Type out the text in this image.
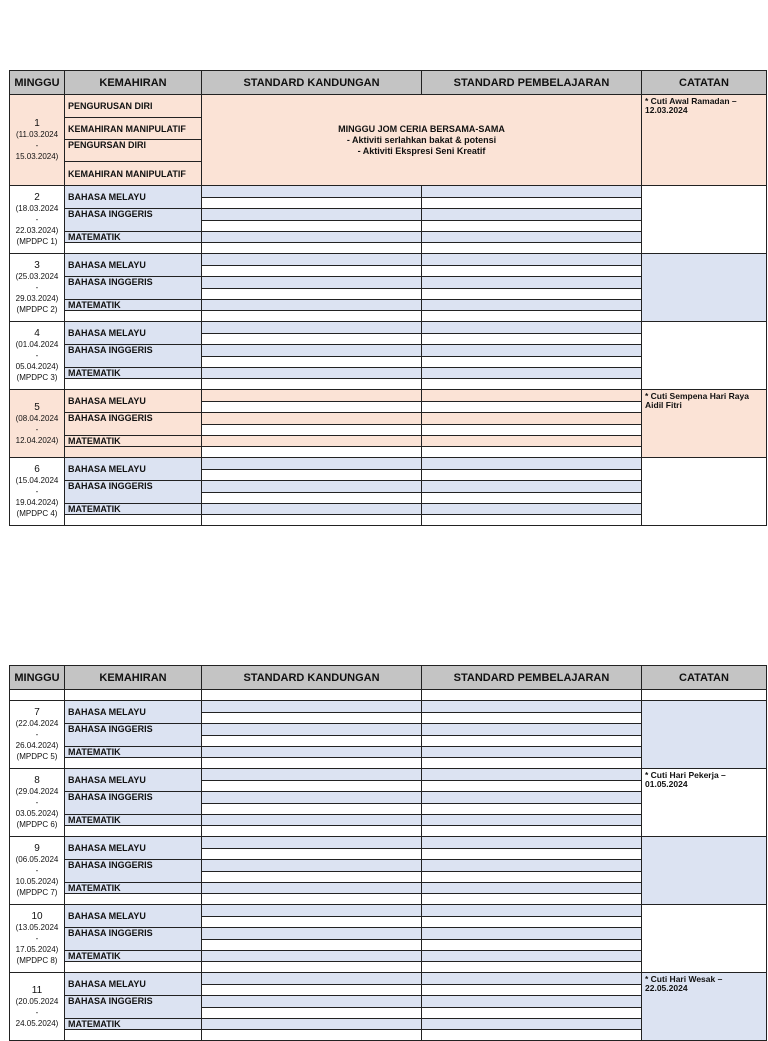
MINGGU	KEMAHIRAN	STANDARD KANDUNGAN	STANDARD PEMBELAJARAN	CATATAN

1
(11.03.2024
-
15.03.2024)	PENGURUSAN DIRI	MINGGU JOM CERIA BERSAMA-SAMA
- Aktiviti serlahkan bakat & potensi
- Aktiviti Ekspresi Seni Kreatif		* Cuti Awal Ramadan – 12.03.2024
	KEMAHIRAN MANIPULATIF			
	PENGURSAN DIRI			
	KEMAHIRAN MANIPULATIF			

2
(18.03.2024
-
22.03.2024)
(MPDPC 1)	BAHASA MELAYU			

	BAHASA INGGERIS			

	MATEMATIK			

3
(25.03.2024
-
29.03.2024)
(MPDPC 2)	BAHASA MELAYU			

	BAHASA INGGERIS			

	MATEMATIK			

4
(01.04.2024
-
05.04.2024)
(MPDPC 3)	BAHASA MELAYU			

	BAHASA INGGERIS			

	MATEMATIK			

5
(08.04.2024
-
12.04.2024)	BAHASA MELAYU			* Cuti Sempena Hari Raya Aidil Fitri

	BAHASA INGGERIS			

	MATEMATIK			

6
(15.04.2024
-
19.04.2024)
(MPDPC 4)	BAHASA MELAYU			

	BAHASA INGGERIS			

	MATEMATIK			

MINGGU	KEMAHIRAN	STANDARD KANDUNGAN	STANDARD PEMBELAJARAN	CATATAN

7
(22.04.2024
-
26.04.2024)
(MPDPC 5)	BAHASA MELAYU			

	BAHASA INGGERIS			

	MATEMATIK			

8
(29.04.2024
-
03.05.2024)
(MPDPC 6)	BAHASA MELAYU			* Cuti Hari Pekerja – 01.05.2024

	BAHASA INGGERIS			

	MATEMATIK			

9
(06.05.2024
-
10.05.2024)
(MPDPC 7)	BAHASA MELAYU			

	BAHASA INGGERIS			

	MATEMATIK			

10
(13.05.2024
-
17.05.2024)
(MPDPC 8)	BAHASA MELAYU			

	BAHASA INGGERIS			

	MATEMATIK			

11
(20.05.2024
-
24.05.2024)	BAHASA MELAYU			* Cuti Hari Wesak – 22.05.2024

	BAHASA INGGERIS			

	MATEMATIK			
